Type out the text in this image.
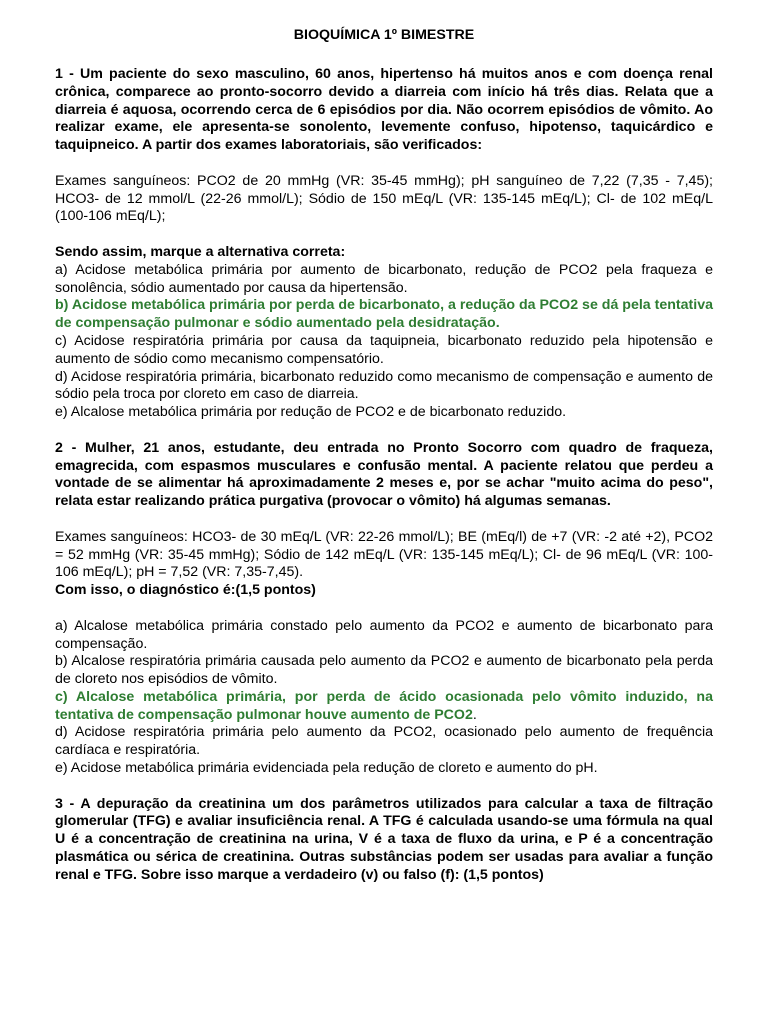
BIOQUÍMICA 1º BIMESTRE

1 - Um paciente do sexo masculino, 60 anos, hipertenso há muitos anos e com doença renal crônica, comparece ao pronto-socorro devido a diarreia com início há três dias. Relata que a diarreia é aquosa, ocorrendo cerca de 6 episódios por dia. Não ocorrem episódios de vômito. Ao realizar exame, ele apresenta-se sonolento, levemente confuso, hipotenso, taquicárdico e taquipneico. A partir dos exames laboratoriais, são verificados:

Exames sanguíneos: PCO2 de 20 mmHg (VR: 35-45 mmHg); pH sanguíneo de 7,22 (7,35 - 7,45); HCO3- de 12 mmol/L (22-26 mmol/L); Sódio de 150 mEq/L (VR: 135-145 mEq/L); Cl- de 102 mEq/L (100-106 mEq/L);

Sendo assim, marque a alternativa correta:

a) Acidose metabólica primária por aumento de bicarbonato, redução de PCO2 pela fraqueza e sonolência, sódio aumentado por causa da hipertensão.

b) Acidose metabólica primária por perda de bicarbonato, a redução da PCO2 se dá pela tentativa de compensação pulmonar e sódio aumentado pela desidratação.

c) Acidose respiratória primária por causa da taquipneia, bicarbonato reduzido pela hipotensão e aumento de sódio como mecanismo compensatório.

d) Acidose respiratória primária, bicarbonato reduzido como mecanismo de compensação e aumento de sódio pela troca por cloreto em caso de diarreia.

e) Alcalose metabólica primária por redução de PCO2 e de bicarbonato reduzido.

2 - Mulher, 21 anos, estudante, deu entrada no Pronto Socorro com quadro de fraqueza, emagrecida, com espasmos musculares e confusão mental. A paciente relatou que perdeu a vontade de se alimentar há aproximadamente 2 meses e, por se achar "muito acima do peso", relata estar realizando prática purgativa (provocar o vômito) há algumas semanas.

Exames sanguíneos: HCO3- de 30 mEq/L (VR: 22-26 mmol/L); BE (mEq/l) de +7 (VR: -2 até +2), PCO2 = 52 mmHg (VR: 35-45 mmHg); Sódio de 142 mEq/L (VR: 135-145 mEq/L); Cl- de 96 mEq/L (VR: 100- 106 mEq/L); pH = 7,52 (VR: 7,35-7,45).

Com isso, o diagnóstico é:(1,5 pontos)

a) Alcalose metabólica primária constado pelo aumento da PCO2 e aumento de bicarbonato para compensação.

b) Alcalose respiratória primária causada pelo aumento da PCO2 e aumento de bicarbonato pela perda de cloreto nos episódios de vômito.

c) Alcalose metabólica primária, por perda de ácido ocasionada pelo vômito induzido, na tentativa de compensação pulmonar houve aumento de PCO2.

d) Acidose respiratória primária pelo aumento da PCO2, ocasionado pelo aumento de frequência cardíaca e respiratória.

e) Acidose metabólica primária evidenciada pela redução de cloreto e aumento do pH.

3 - A depuração da creatinina um dos parâmetros utilizados para calcular a taxa de filtração glomerular (TFG) e avaliar insuficiência renal. A TFG é calculada usando-se uma fórmula na qual U é a concentração de creatinina na urina, V é a taxa de fluxo da urina, e P é a concentração plasmática ou sérica de creatinina. Outras substâncias podem ser usadas para avaliar a função renal e TFG. Sobre isso marque a verdadeiro (v) ou falso (f): (1,5 pontos)
